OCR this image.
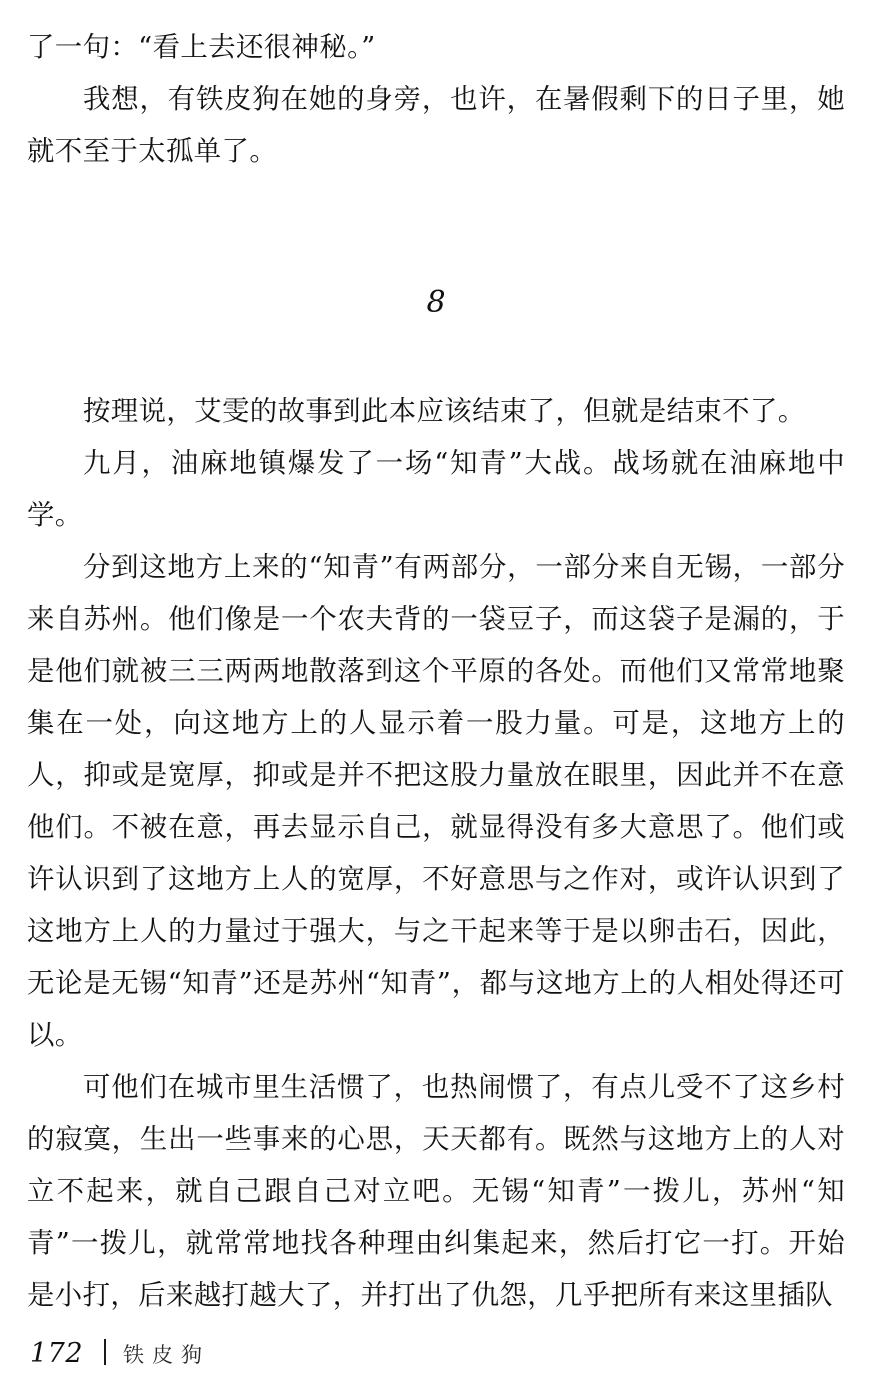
了一句：“看上去还很神秘。”

我想，有铁皮狗在她的身旁，也许，在暑假剩下的日子里，她就不至于太孤单了。

8

按理说，艾雯的故事到此本应该结束了，但就是结束不了。

九月，油麻地镇爆发了一场“知青”大战。战场就在油麻地中学。

分到这地方上来的“知青”有两部分，一部分来自无锡，一部分来自苏州。他们像是一个农夫背的一袋豆子，而这袋子是漏的，于是他们就被三三两两地散落到这个平原的各处。而他们又常常地聚集在一处，向这地方上的人显示着一股力量。可是，这地方上的人，抑或是宽厚，抑或是并不把这股力量放在眼里，因此并不在意他们。不被在意，再去显示自己，就显得没有多大意思了。他们或许认识到了这地方上人的宽厚，不好意思与之作对，或许认识到了这地方上人的力量过于强大，与之干起来等于是以卵击石，因此，无论是无锡“知青”还是苏州“知青”，都与这地方上的人相处得还可以。

可他们在城市里生活惯了，也热闹惯了，有点儿受不了这乡村的寂寞，生出一些事来的心思，天天都有。既然与这地方上的人对立不起来，就自己跟自己对立吧。无锡“知青”一拨儿，苏州“知青”一拨儿，就常常地找各种理由纠集起来，然后打它一打。开始是小打，后来越打越大了，并打出了仇怨，几乎把所有来这里插队

172 铁皮狗
